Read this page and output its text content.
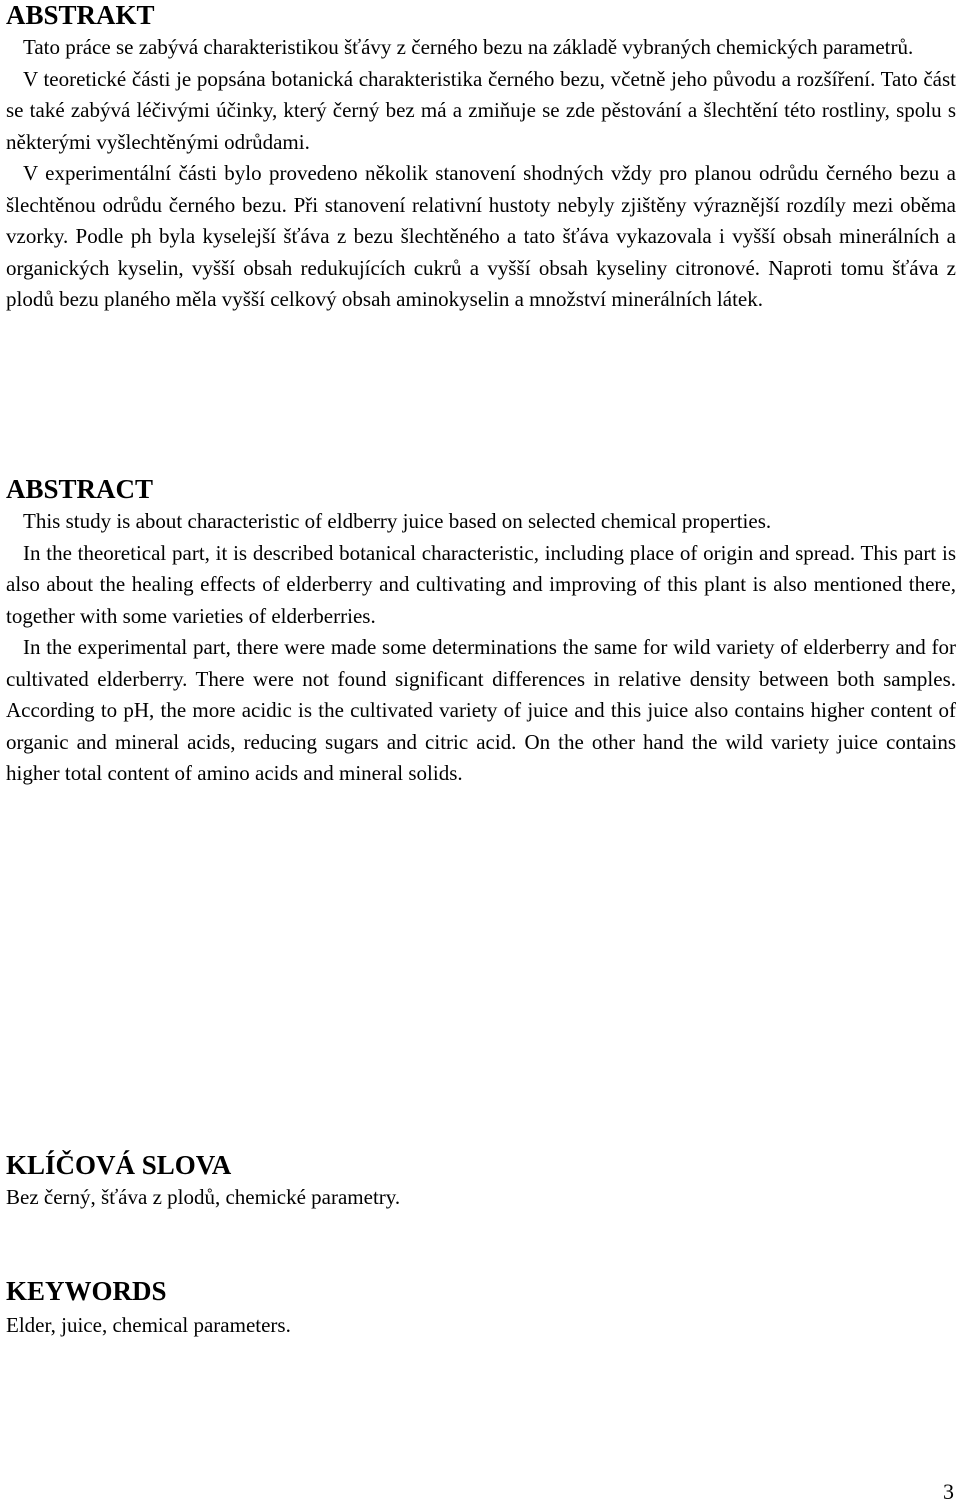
ABSTRAKT

Tato práce se zabývá charakteristikou šťávy z černého bezu na základě vybraných chemických parametrů.

V teoretické části je popsána botanická charakteristika černého bezu, včetně jeho původu a rozšíření. Tato část se také zabývá léčivými účinky, který černý bez má a zmiňuje se zde pěstování a šlechtění této rostliny, spolu s některými vyšlechtěnými odrůdami.

V experimentální části bylo provedeno několik stanovení shodných vždy pro planou odrůdu černého bezu a šlechtěnou odrůdu černého bezu. Při stanovení relativní hustoty nebyly zjištěny výraznější rozdíly mezi oběma vzorky. Podle ph byla kyselejší šťáva z bezu šlechtěného a tato šťáva vykazovala i vyšší obsah minerálních a organických kyselin, vyšší obsah redukujících cukrů a vyšší obsah kyseliny citronové. Naproti tomu šťáva z plodů bezu planého měla vyšší celkový obsah aminokyselin a množství minerálních látek.

ABSTRACT

This study is about characteristic of eldberry juice based on selected chemical properties.

In the theoretical part, it is described botanical characteristic, including place of origin and spread. This part is also about the healing effects of elderberry and cultivating and improving of this plant is also mentioned there, together with some varieties of elderberries.

In the experimental part, there were made some determinations the same for wild variety of elderberry and for cultivated elderberry. There were not found significant differences in relative density between both samples. According to pH, the more acidic is the cultivated variety of juice and this juice also contains higher content of organic and mineral acids, reducing sugars and citric acid. On the other hand the wild variety juice contains higher total content of amino acids and mineral solids.

KLÍČOVÁ SLOVA

Bez černý, šťáva z plodů, chemické parametry.

KEYWORDS

Elder, juice, chemical parameters.

3
